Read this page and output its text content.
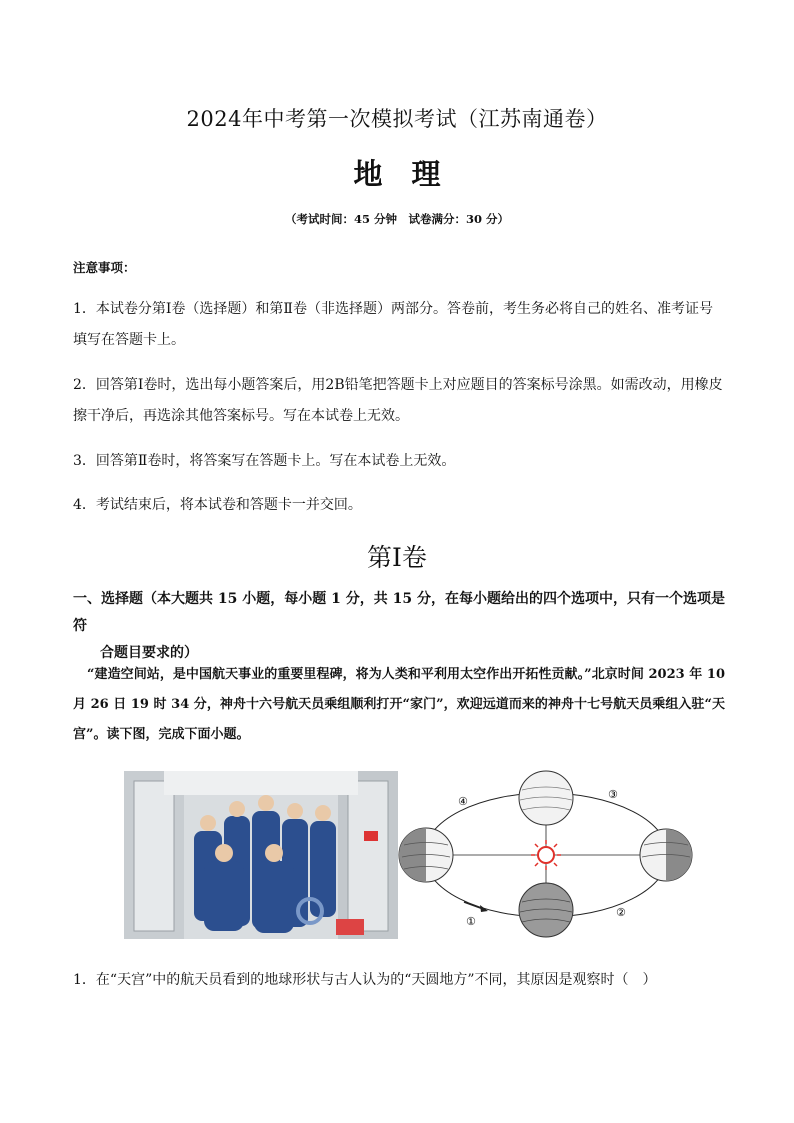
2024年中考第一次模拟考试（江苏南通卷）
地　理
（考试时间：45 分钟　试卷满分：30 分）
注意事项：
1．本试卷分第Ⅰ卷（选择题）和第Ⅱ卷（非选择题）两部分。答卷前，考生务必将自己的姓名、准考证号填写在答题卡上。
2．回答第Ⅰ卷时，选出每小题答案后，用2B铅笔把答题卡上对应题目的答案标号涂黑。如需改动，用橡皮擦干净后，再选涂其他答案标号。写在本试卷上无效。
3．回答第Ⅱ卷时，将答案写在答题卡上。写在本试卷上无效。
4．考试结束后，将本试卷和答题卡一并交回。
第Ⅰ卷
一、选择题（本大题共 15 小题，每小题 1 分，共 15 分，在每小题给出的四个选项中，只有一个选项是符
合题目要求的）
“建造空间站，是中国航天事业的重要里程碑，将为人类和平利用太空作出开拓性贡献。”北京时间 2023 年 10 月 26 日 19 时 34 分，神舟十六号航天员乘组顺利打开“家门”，欢迎远道而来的神舟十七号航天员乘组入驻“天宫”。读下图，完成下面小题。
④
③
①
②
1．在“天宫”中的航天员看到的地球形状与古人认为的“天圆地方”不同，其原因是观察时（　）
